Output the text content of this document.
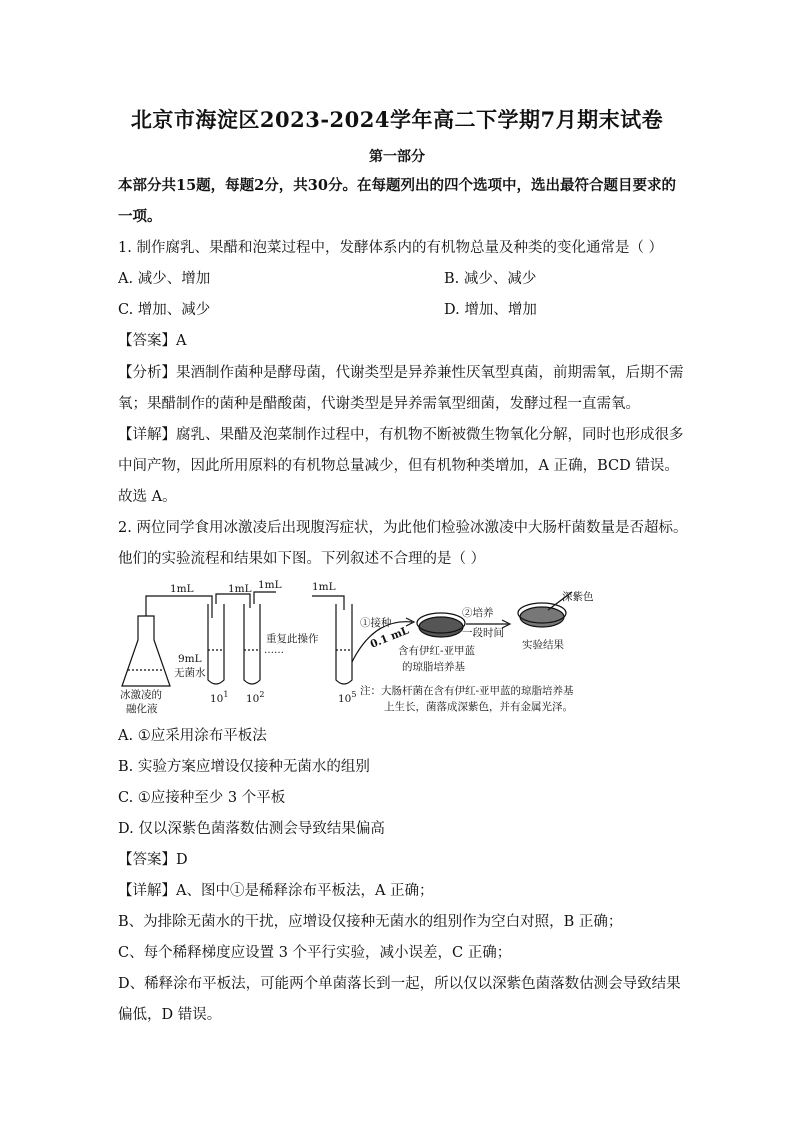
北京市海淀区2023-2024学年高二下学期7月期末试卷
第一部分
本部分共15题，每题2分，共30分。在每题列出的四个选项中，选出最符合题目要求的
一项。
1. 制作腐乳、果醋和泡菜过程中，发酵体系内的有机物总量及种类的变化通常是（ ）
A. 减少、增加	B. 减少、减少
C. 增加、减少	D. 增加、增加
【答案】A
【分析】果酒制作菌种是酵母菌，代谢类型是异养兼性厌氧型真菌，前期需氧，后期不需
氧；果醋制作的菌种是醋酸菌，代谢类型是异养需氧型细菌，发酵过程一直需氧。
【详解】腐乳、果醋及泡菜制作过程中，有机物不断被微生物氧化分解，同时也形成很多
中间产物，因此所用原料的有机物总量减少，但有机物种类增加，A 正确，BCD 错误。
故选 A。
2. 两位同学食用冰激凌后出现腹泻症状，为此他们检验冰激凌中大肠杆菌数量是否超标。
他们的实验流程和结果如下图。下列叙述不合理的是（ ）
1mL	1mL 1mL	1mL
9mL
无菌水
重复此操作
……
冰激凌的
融化液
$10^1$ $10^2$	$10^5$
①接种
0.1 mL
②培养
一段时间
含有伊红-亚甲蓝
的琼脂培养基
深紫色
实验结果
注：大肠杆菌在含有伊红-亚甲蓝的琼脂培养基
上生长，菌落成深紫色，并有金属光泽。
A. ①应采用涂布平板法
B. 实验方案应增设仅接种无菌水的组别
C. ①应接种至少 3 个平板
D. 仅以深紫色菌落数估测会导致结果偏高
【答案】D
【详解】A、图中①是稀释涂布平板法，A 正确；
B、为排除无菌水的干扰，应增设仅接种无菌水的组别作为空白对照，B 正确；
C、每个稀释梯度应设置 3 个平行实验，减小误差，C 正确；
D、稀释涂布平板法，可能两个单菌落长到一起，所以仅以深紫色菌落数估测会导致结果
偏低，D 错误。
